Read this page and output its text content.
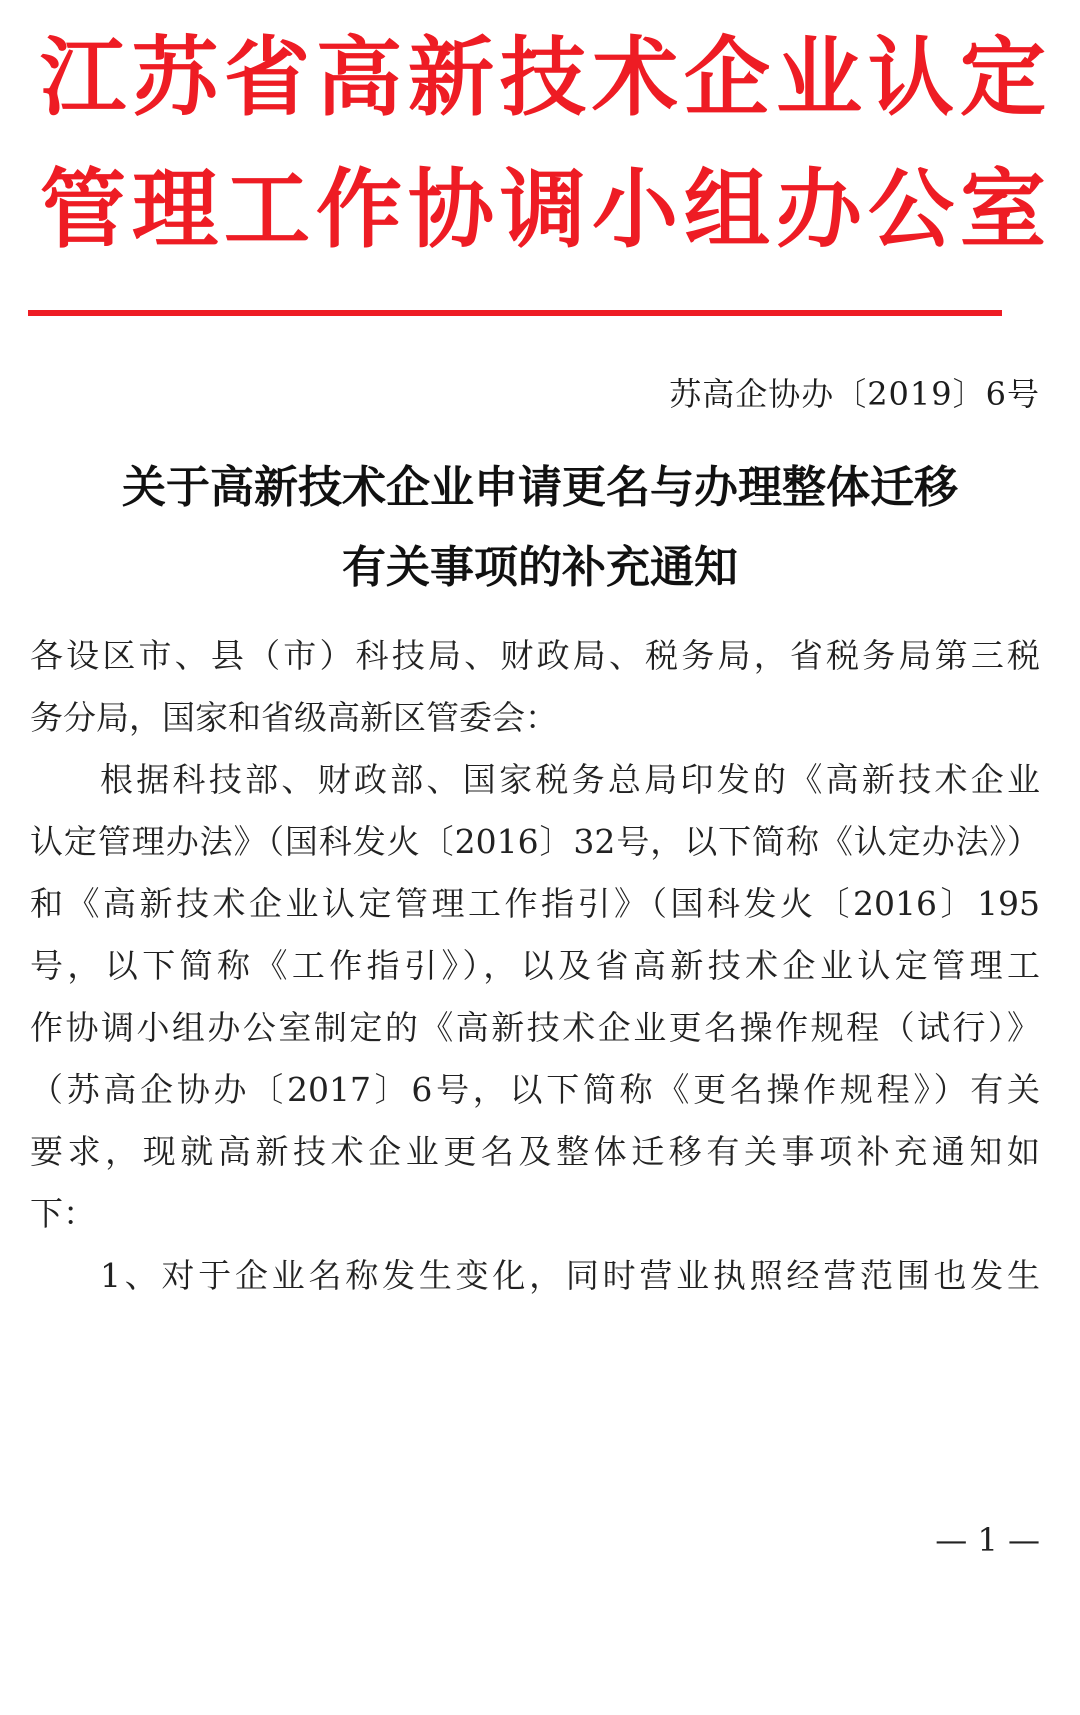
江苏省高新技术企业认定
管理工作协调小组办公室
苏高企协办〔2019〕6号
关于高新技术企业申请更名与办理整体迁移
有关事项的补充通知
各设区市、县（市）科技局、财政局、税务局，省税务局第三税
务分局，国家和省级高新区管委会：
根据科技部、财政部、国家税务总局印发的《高新技术企业
认定管理办法》（国科发火〔2016〕32号，以下简称《认定办法》）
和《高新技术企业认定管理工作指引》（国科发火〔2016〕195
号，以下简称《工作指引》），以及省高新技术企业认定管理工
作协调小组办公室制定的《高新技术企业更名操作规程（试行）》
（苏高企协办〔2017〕6号，以下简称《更名操作规程》）有关
要求，现就高新技术企业更名及整体迁移有关事项补充通知如
下：
1、对于企业名称发生变化，同时营业执照经营范围也发生
— 1 —
